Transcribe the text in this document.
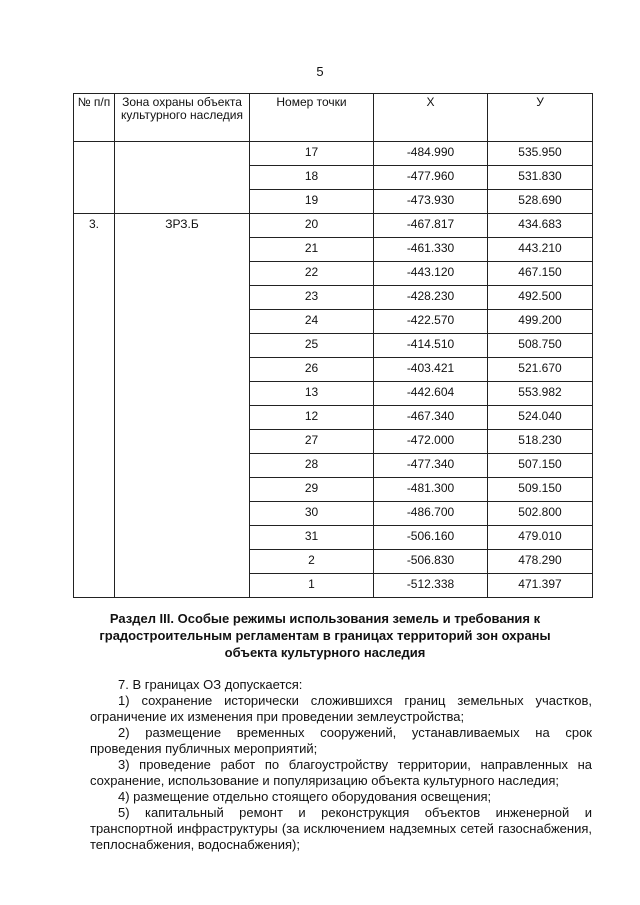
5
№ п/п	Зона охраны объекта культурного наследия	Номер точки	X	У
		17	-484.990	535.950
		18	-477.960	531.830
		19	-473.930	528.690
3.	ЗРЗ.Б	20	-467.817	434.683
		21	-461.330	443.210
		22	-443.120	467.150
		23	-428.230	492.500
		24	-422.570	499.200
		25	-414.510	508.750
		26	-403.421	521.670
		13	-442.604	553.982
		12	-467.340	524.040
		27	-472.000	518.230
		28	-477.340	507.150
		29	-481.300	509.150
		30	-486.700	502.800
		31	-506.160	479.010
		2	-506.830	478.290
		1	-512.338	471.397
Раздел III. Особые режимы использования земель и требования к градостроительным регламентам в границах территорий зон охраны объекта культурного наследия

7. В границах ОЗ допускается:

1) сохранение исторически сложившихся границ земельных участков, ограничение их изменения при проведении землеустройства;

2) размещение временных сооружений, устанавливаемых на срок проведения публичных мероприятий;

3) проведение работ по благоустройству территории, направленных на сохранение, использование и популяризацию объекта культурного наследия;

4) размещение отдельно стоящего оборудования освещения;

5) капитальный ремонт и реконструкция объектов инженерной и транспортной инфраструктуры (за исключением надземных сетей газоснабжения, теплоснабжения, водоснабжения);
